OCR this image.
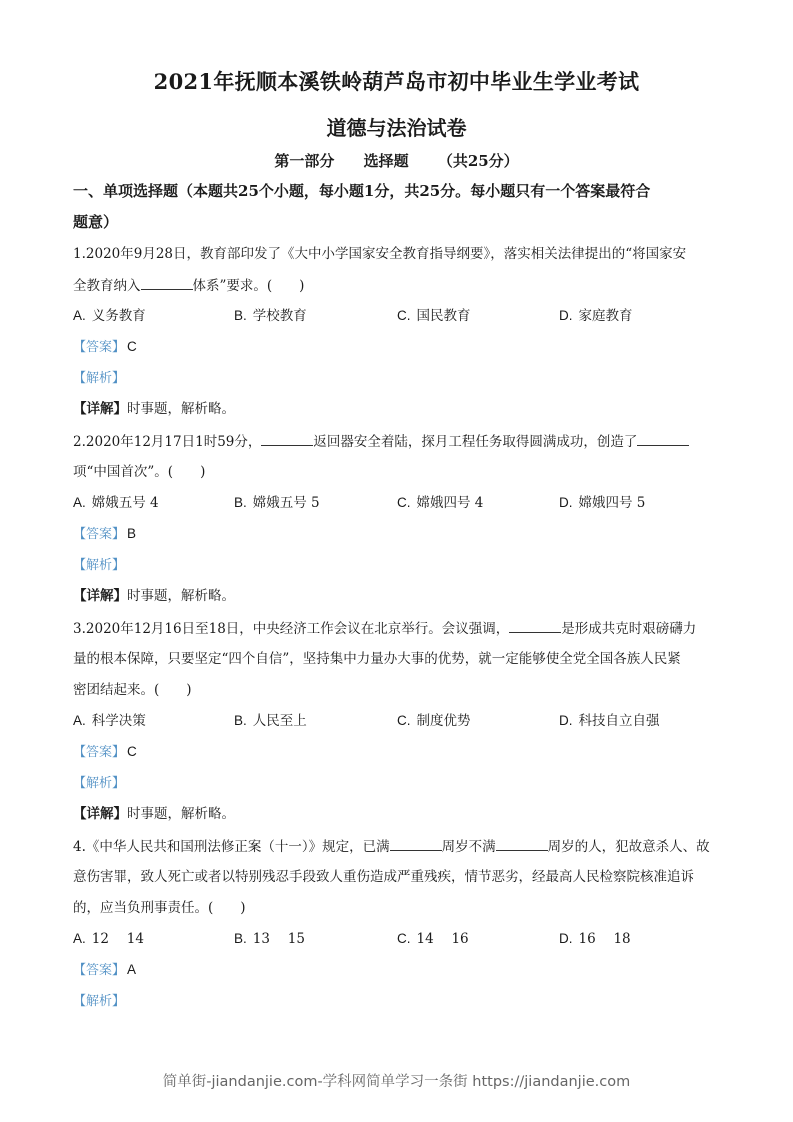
2021年抚顺本溪铁岭葫芦岛市初中毕业生学业考试
道德与法治试卷
第一部分 选择题 （共25分）
一、单项选择题（本题共25个小题，每小题1分，共25分。每小题只有一个答案最符合
题意）
1.2020年9月28日，教育部印发了《大中小学国家安全教育指导纲要》，落实相关法律提出的“将国家安
全教育纳入	体系”要求。(　　)
A. 义务教育	B. 学校教育	C. 国民教育	D. 家庭教育
【答案】 C
【解析】
【详解】时事题，解析略。
2.2020年12月17日1时59分，	返回器安全着陆，探月工程任务取得圆满成功，创造了
项“中国首次”。(　　)
A. 嫦娥五号 4	B. 嫦娥五号 5	C. 嫦娥四号 4	D. 嫦娥四号 5
【答案】 B
【解析】
【详解】时事题，解析略。
3.2020年12月16日至18日，中央经济工作会议在北京举行。会议强调，	是形成共克时艰磅礴力
量的根本保障，只要坚定“四个自信”，坚持集中力量办大事的优势，就一定能够使全党全国各族人民紧
密团结起来。(　　)
A. 科学决策	B. 人民至上	C. 制度优势	D. 科技自立自强
【答案】 C
【解析】
【详解】时事题，解析略。
4.《中华人民共和国刑法修正案（十一）》规定，已满	周岁不满	周岁的人，犯故意杀人、故
意伤害罪，致人死亡或者以特别残忍手段致人重伤造成严重残疾，情节恶劣，经最高人民检察院核准追诉
的，应当负刑事责任。(　　)
A. 12　 14	B. 13　 15	C. 14　 16	D. 16　 18
【答案】 A
【解析】
简单街-jiandanjie.com-学科网简单学习一条街 https://jiandanjie.com
